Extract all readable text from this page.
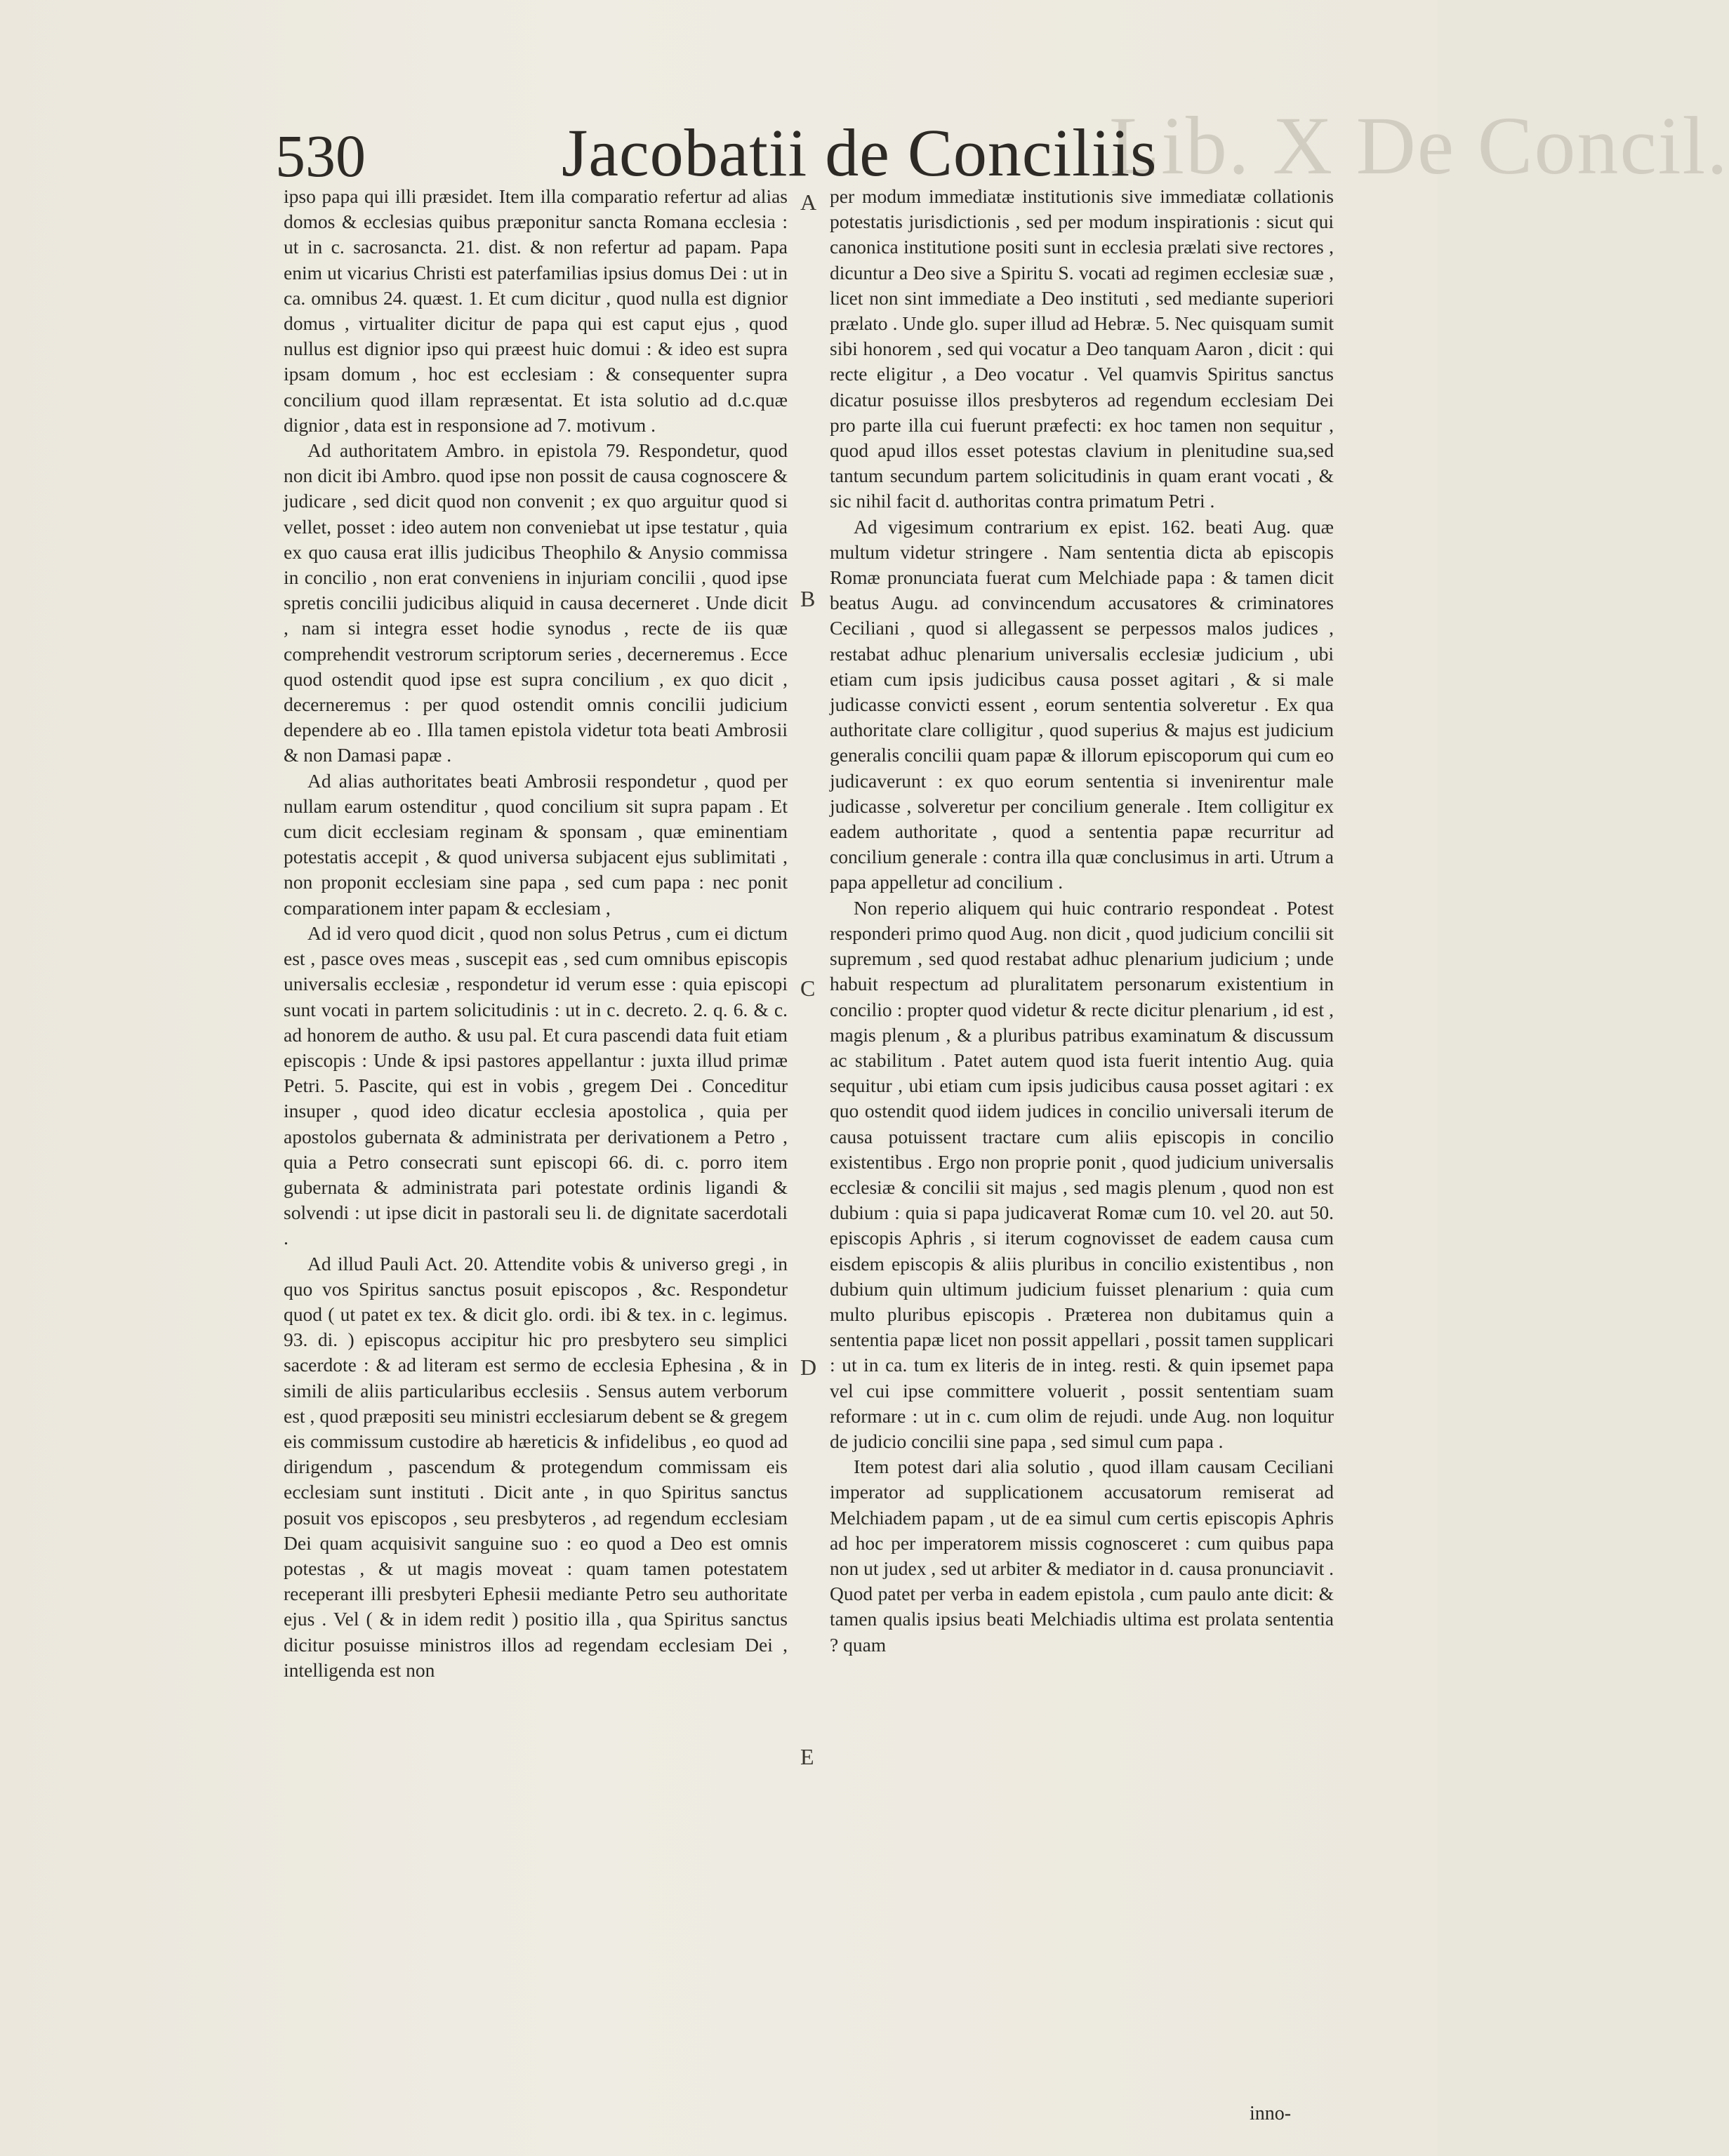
Lib. X De Concil.
530	Jacobatii de Conciliis

ipso papa qui illi præsidet. Item illa comparatio refertur ad alias domos & ecclesias quibus præponitur sancta Romana ecclesia : ut in c. sacrosancta. 21. dist. & non refertur ad papam. Papa enim ut vicarius Christi est paterfamilias ipsius domus Dei : ut in ca. omnibus 24. quæst. 1. Et cum dicitur , quod nulla est dignior domus , virtualiter dicitur de papa qui est caput ejus , quod nullus est dignior ipso qui præest huic domui : & ideo est supra ipsam domum , hoc est ecclesiam : & consequenter supra concilium quod illam repræsentat. Et ista solutio ad d.c.quæ dignior , data est in responsione ad 7. motivum .

Ad authoritatem Ambro. in epistola 79. Respondetur, quod non dicit ibi Ambro. quod ipse non possit de causa cognoscere & judicare , sed dicit quod non convenit ; ex quo arguitur quod si vellet, posset : ideo autem non conveniebat ut ipse testatur , quia ex quo causa erat illis judicibus Theophilo & Anysio commissa in concilio , non erat conveniens in injuriam concilii , quod ipse spretis concilii judicibus aliquid in causa decerneret . Unde dicit , nam si integra esset hodie synodus , recte de iis quæ comprehendit vestrorum scriptorum series , decerneremus . Ecce quod ostendit quod ipse est supra concilium , ex quo dicit , decerneremus : per quod ostendit omnis concilii judicium dependere ab eo . Illa tamen epistola videtur tota beati Ambrosii & non Damasi papæ .

Ad alias authoritates beati Ambrosii respondetur , quod per nullam earum ostenditur , quod concilium sit supra papam . Et cum dicit ecclesiam reginam & sponsam , quæ eminentiam potestatis accepit , & quod universa subjacent ejus sublimitati , non proponit ecclesiam sine papa , sed cum papa : nec ponit comparationem inter papam & ecclesiam ,

Ad id vero quod dicit , quod non solus Petrus , cum ei dictum est , pasce oves meas , suscepit eas , sed cum omnibus episcopis universalis ecclesiæ , respondetur id verum esse : quia episcopi sunt vocati in partem solicitudinis : ut in c. decreto. 2. q. 6. & c. ad honorem de autho. & usu pal. Et cura pascendi data fuit etiam episcopis : Unde & ipsi pastores appellantur : juxta illud primæ Petri. 5. Pascite, qui est in vobis , gregem Dei . Conceditur insuper , quod ideo dicatur ecclesia apostolica , quia per apostolos gubernata & administrata per derivationem a Petro , quia a Petro consecrati sunt episcopi 66. di. c. porro item gubernata & administrata pari potestate ordinis ligandi & solvendi : ut ipse dicit in pastorali seu li. de dignitate sacerdotali .

Ad illud Pauli Act. 20. Attendite vobis & universo gregi , in quo vos Spiritus sanctus posuit episcopos , &c. Respondetur quod ( ut patet ex tex. & dicit glo. ordi. ibi & tex. in c. legimus. 93. di. ) episcopus accipitur hic pro presbytero seu simplici sacerdote : & ad literam est sermo de ecclesia Ephesina , & in simili de aliis particularibus ecclesiis . Sensus autem verborum est , quod præpositi seu ministri ecclesiarum debent se & gregem eis commissum custodire ab hæreticis & infidelibus , eo quod ad dirigendum , pascendum & protegendum commissam eis ecclesiam sunt instituti . Dicit ante , in quo Spiritus sanctus posuit vos episcopos , seu presbyteros , ad regendum ecclesiam Dei quam acquisivit sanguine suo : eo quod a Deo est omnis potestas , & ut magis moveat : quam tamen potestatem receperant illi presbyteri Ephesii mediante Petro seu authoritate ejus . Vel ( & in idem redit ) positio illa , qua Spiritus sanctus dicitur posuisse ministros illos ad regendam ecclesiam Dei , intelligenda est non

per modum immediatæ institutionis sive immediatæ collationis potestatis jurisdictionis , sed per modum inspirationis : sicut qui canonica institutione positi sunt in ecclesia prælati sive rectores , dicuntur a Deo sive a Spiritu S. vocati ad regimen ecclesiæ suæ , licet non sint immediate a Deo instituti , sed mediante superiori prælato . Unde glo. super illud ad Hebræ. 5. Nec quisquam sumit sibi honorem , sed qui vocatur a Deo tanquam Aaron , dicit : qui recte eligitur , a Deo vocatur . Vel quamvis Spiritus sanctus dicatur posuisse illos presbyteros ad regendum ecclesiam Dei pro parte illa cui fuerunt præfecti: ex hoc tamen non sequitur , quod apud illos esset potestas clavium in plenitudine sua,sed tantum secundum partem solicitudinis in quam erant vocati , & sic nihil facit d. authoritas contra primatum Petri .

Ad vigesimum contrarium ex epist. 162. beati Aug. quæ multum videtur stringere . Nam sententia dicta ab episcopis Romæ pronunciata fuerat cum Melchiade papa : & tamen dicit beatus Augu. ad convincendum accusatores & criminatores Ceciliani , quod si allegassent se perpessos malos judices , restabat adhuc plenarium universalis ecclesiæ judicium , ubi etiam cum ipsis judicibus causa posset agitari , & si male judicasse convicti essent , eorum sententia solveretur . Ex qua authoritate clare colligitur , quod superius & majus est judicium generalis concilii quam papæ & illorum episcoporum qui cum eo judicaverunt : ex quo eorum sententia si invenirentur male judicasse , solveretur per concilium generale . Item colligitur ex eadem authoritate , quod a sententia papæ recurritur ad concilium generale : contra illa quæ conclusimus in arti. Utrum a papa appelletur ad concilium .

Non reperio aliquem qui huic contrario respondeat . Potest responderi primo quod Aug. non dicit , quod judicium concilii sit supremum , sed quod restabat adhuc plenarium judicium ; unde habuit respectum ad pluralitatem personarum existentium in concilio : propter quod videtur & recte dicitur plenarium , id est , magis plenum , & a pluribus patribus examinatum & discussum ac stabilitum . Patet autem quod ista fuerit intentio Aug. quia sequitur , ubi etiam cum ipsis judicibus causa posset agitari : ex quo ostendit quod iidem judices in concilio universali iterum de causa potuissent tractare cum aliis episcopis in concilio existentibus . Ergo non proprie ponit , quod judicium universalis ecclesiæ & concilii sit majus , sed magis plenum , quod non est dubium : quia si papa judicaverat Romæ cum 10. vel 20. aut 50. episcopis Aphris , si iterum cognovisset de eadem causa cum eisdem episcopis & aliis pluribus in concilio existentibus , non dubium quin ultimum judicium fuisset plenarium : quia cum multo pluribus episcopis . Præterea non dubitamus quin a sententia papæ licet non possit appellari , possit tamen supplicari : ut in ca. tum ex literis de in integ. resti. & quin ipsemet papa vel cui ipse committere voluerit , possit sententiam suam reformare : ut in c. cum olim de rejudi. unde Aug. non loquitur de judicio concilii sine papa , sed simul cum papa .

Item potest dari alia solutio , quod illam causam Ceciliani imperator ad supplicationem accusatorum remiserat ad Melchiadem papam , ut de ea simul cum certis episcopis Aphris ad hoc per imperatorem missis cognosceret : cum quibus papa non ut judex , sed ut arbiter & mediator in d. causa pronunciavit . Quod patet per verba in eadem epistola , cum paulo ante dicit: & tamen qualis ipsius beati Melchiadis ultima est prolata sententia ? quam

A
B
C
D
E
inno-
